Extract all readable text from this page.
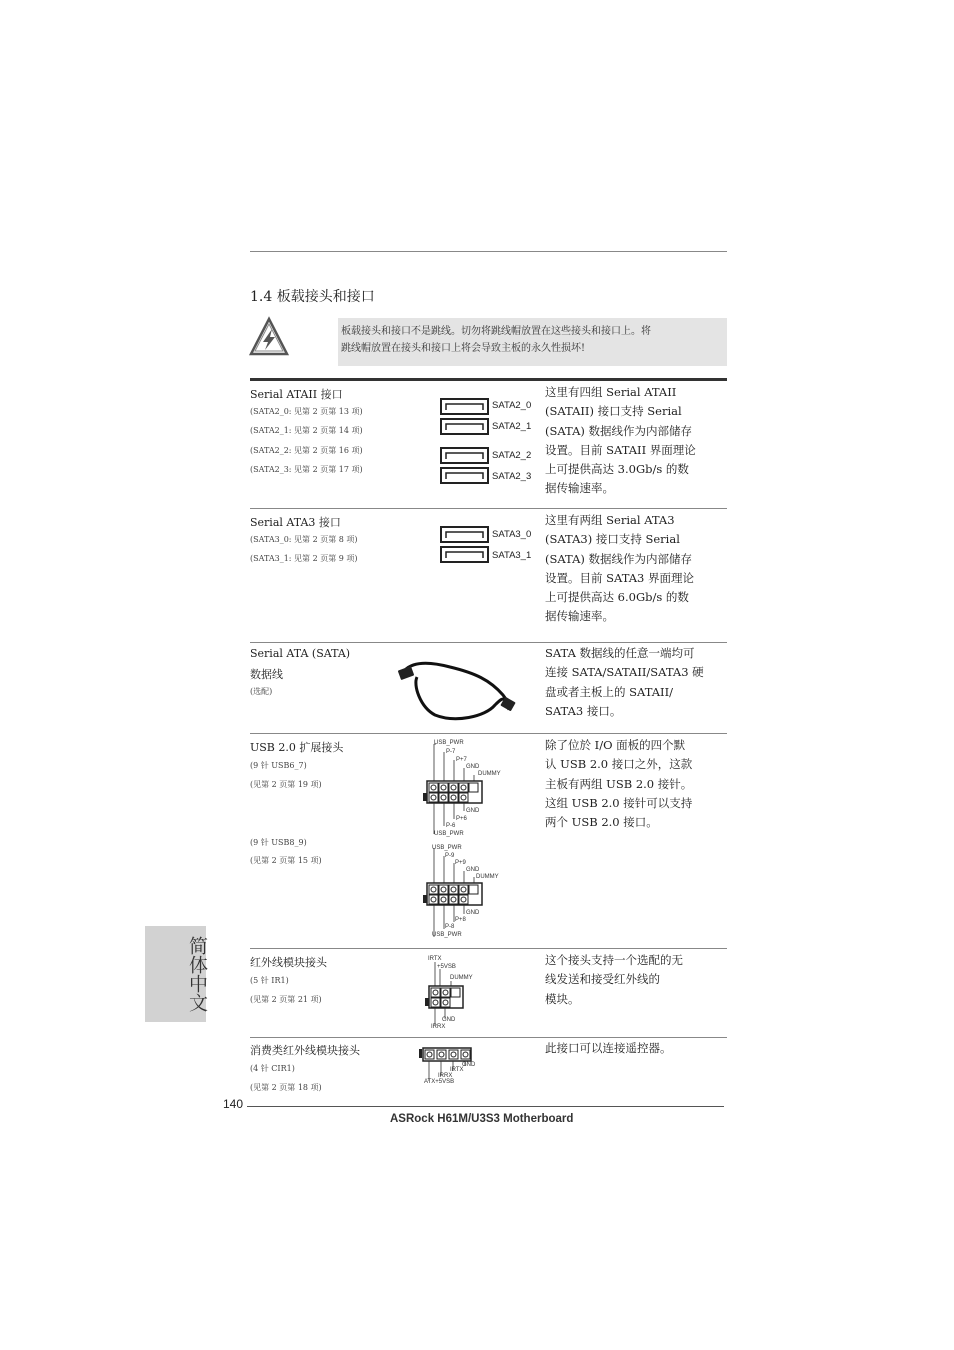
1.4 板载接头和接口
板载接头和接口不是跳线。切勿将跳线帽放置在这些接头和接口上。将
跳线帽放置在接头和接口上将会导致主板的永久性损坏!
Serial ATAII 接口
(SATA2_0: 见第 2 页第 13 项)
(SATA2_1: 见第 2 页第 14 项)
(SATA2_2: 见第 2 页第 16 项)
(SATA2_3: 见第 2 页第 17 项)
SATA2_0
SATA2_1
SATA2_2
SATA2_3
这里有四组 Serial ATAII
(SATAII) 接口支持 Serial
(SATA) 数据线作为内部储存
设置。目前 SATAII 界面理论
上可提供高达 3.0Gb/s 的数
据传输速率。
Serial ATA3 接口
(SATA3_0: 见第 2 页第 8 项)
(SATA3_1: 见第 2 页第 9 项)
SATA3_0
SATA3_1
这里有两组 Serial ATA3
(SATA3) 接口支持 Serial
(SATA) 数据线作为内部储存
设置。目前 SATA3 界面理论
上可提供高达 6.0Gb/s 的数
据传输速率。
Serial ATA (SATA)
数据线
(选配)
SATA 数据线的任意一端均可
连接 SATA/SATAII/SATA3 硬
盘或者主板上的 SATAII/
SATA3 接口。
USB 2.0 扩展接头
(9 针 USB6_7)
(见第 2 页第 19 项)
(9 针 USB8_9)
(见第 2 页第 15 项)
USB_PWR
P-7
P+7
GND
DUMMY
GND
P+6
P-6
USB_PWR
USB_PWR
P-9
P+9
GND
DUMMY
GND
P+8
P-8
USB_PWR
除了位於 I/O 面板的四个默
认 USB 2.0 接口之外，这款
主板有两组 USB 2.0 接针。
这组 USB 2.0 接针可以支持
两个 USB 2.0 接口。
红外线模块接头
(5 针 IR1)
(见第 2 页第 21 项)
IRTX
+5VSB
DUMMY
GND
IRRX
这个接头支持一个选配的无
线发送和接受红外线的
模块。
消费类红外线模块接头
(4 针 CIR1)
(见第 2 页第 18 项)
GND
IRTX
IRRX
ATX+5VSB
此接口可以连接遥控器。
简体中文
140
ASRock H61M/U3S3 Motherboard
